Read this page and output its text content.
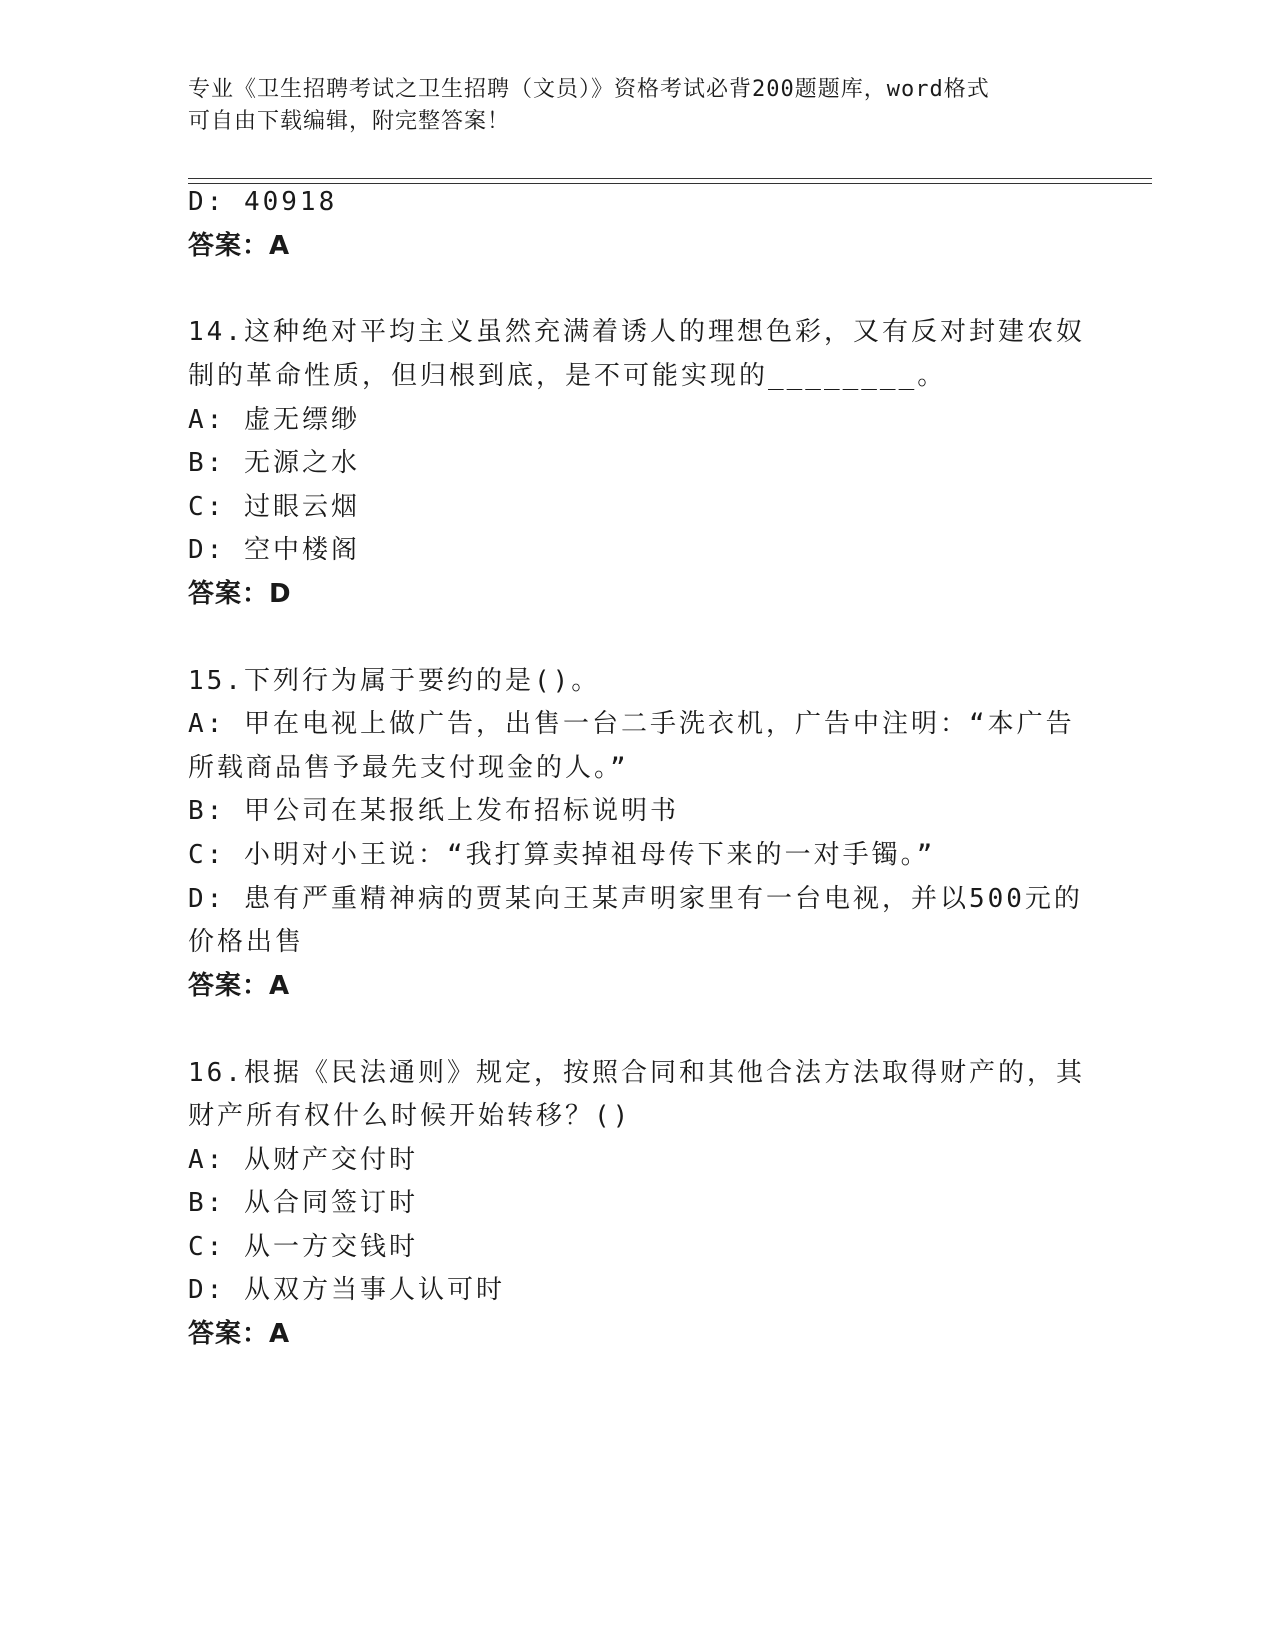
专业《卫生招聘考试之卫生招聘（文员）》资格考试必背200题题库，word格式
可自由下载编辑，附完整答案！
D: 40918
答案：A
14.这种绝对平均主义虽然充满着诱人的理想色彩，又有反对封建农奴
制的革命性质，但归根到底，是不可能实现的________。
A: 虚无缥缈
B: 无源之水
C: 过眼云烟
D: 空中楼阁
答案：D
15.下列行为属于要约的是()。
A: 甲在电视上做广告，出售一台二手洗衣机，广告中注明：“本广告
所载商品售予最先支付现金的人。”
B: 甲公司在某报纸上发布招标说明书
C: 小明对小王说：“我打算卖掉祖母传下来的一对手镯。”
D: 患有严重精神病的贾某向王某声明家里有一台电视，并以500元的
价格出售
答案：A
16.根据《民法通则》规定，按照合同和其他合法方法取得财产的，其
财产所有权什么时候开始转移？()
A: 从财产交付时
B: 从合同签订时
C: 从一方交钱时
D: 从双方当事人认可时
答案：A
